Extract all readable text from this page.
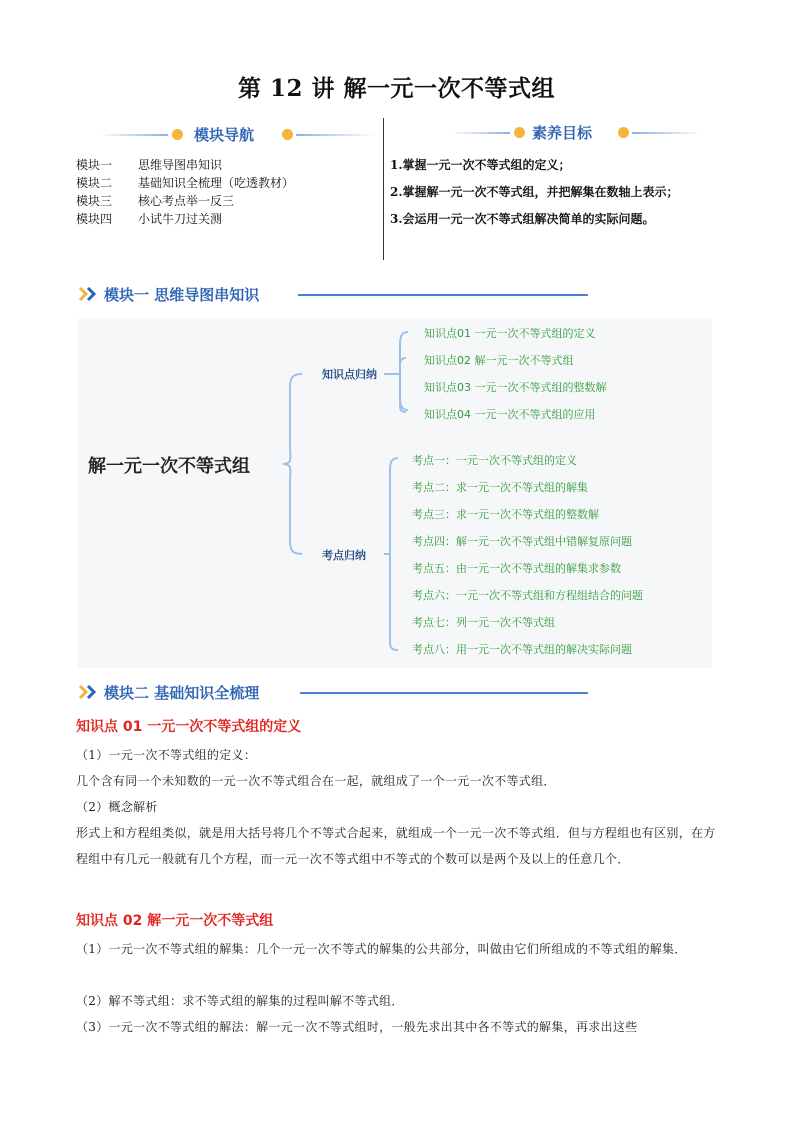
第 12 讲 解一元一次不等式组
模块导航
模块一	思维导图串知识
模块二	基础知识全梳理（吃透教材）
模块三	核心考点举一反三
模块四	小试牛刀过关测
素养目标
1.掌握一元一次不等式组的定义；
2.掌握解一元一次不等式组，并把解集在数轴上表示；
3.会运用一元一次不等式组解决简单的实际问题。
模块一 思维导图串知识
解一元一次不等式组
知识点归纳
知识点01 一元一次不等式组的定义
知识点02 解一元一次不等式组
知识点03 一元一次不等式组的整数解
知识点04 一元一次不等式组的应用
考点归纳
考点一：一元一次不等式组的定义
考点二：求一元一次不等式组的解集
考点三：求一元一次不等式组的整数解
考点四：解一元一次不等式组中错解复原问题
考点五：由一元一次不等式组的解集求参数
考点六：一元一次不等式组和方程组结合的问题
考点七：列一元一次不等式组
考点八：用一元一次不等式组的解决实际问题
模块二 基础知识全梳理
知识点 01 一元一次不等式组的定义
（1）一元一次不等式组的定义：
几个含有同一个未知数的一元一次不等式组合在一起，就组成了一个一元一次不等式组．
（2）概念解析
形式上和方程组类似，就是用大括号将几个不等式合起来，就组成一个一元一次不等式组．但与方程组也有区别，在方程组中有几元一般就有几个方程，而一元一次不等式组中不等式的个数可以是两个及以上的任意几个．
知识点 02 解一元一次不等式组
（1）一元一次不等式组的解集：几个一元一次不等式的解集的公共部分，叫做由它们所组成的不等式组的解集．
（2）解不等式组：求不等式组的解集的过程叫解不等式组．
（3）一元一次不等式组的解法：解一元一次不等式组时，一般先求出其中各不等式的解集，再求出这些
